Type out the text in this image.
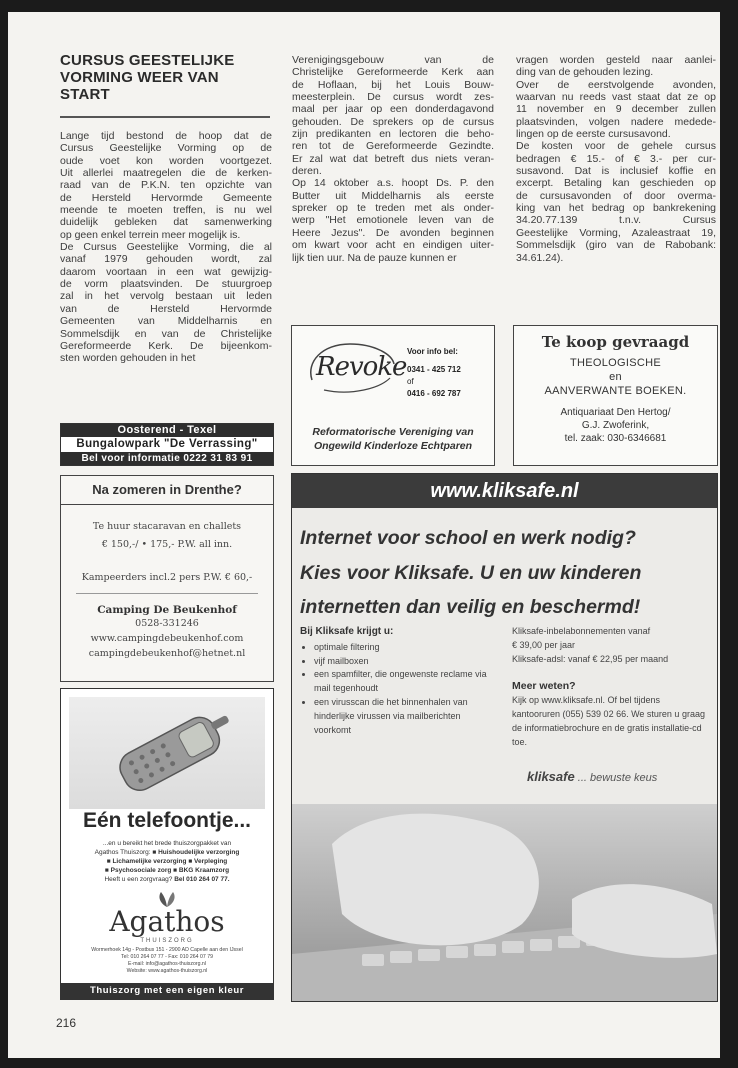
CURSUS GEESTELIJKE
VORMING WEER VAN
START
Lange tijd bestond de hoop dat de
Cursus Geestelijke Vorming op de
oude voet kon worden voortgezet.
Uit allerlei maatregelen die de kerken-
raad van de P.K.N. ten opzichte van
de Hersteld Hervormde Gemeente
meende te moeten treffen, is nu wel
duidelijk gebleken dat samenwerking
op geen enkel terrein meer mogelijk is.
De Cursus Geestelijke Vorming, die al
vanaf 1979 gehouden wordt, zal
daarom voortaan in een wat gewijzig-
de vorm plaatsvinden. De stuurgroep
zal in het vervolg bestaan uit leden
van de Hersteld Hervormde
Gemeenten van Middelharnis en
Sommelsdijk en van de Christelijke
Gereformeerde Kerk. De bijeenkom-
sten worden gehouden in het
Verenigingsgebouw van de
Christelijke Gereformeerde Kerk aan
de Hoflaan, bij het Louis Bouw-
meesterplein. De cursus wordt zes-
maal per jaar op een donderdagavond
gehouden. De sprekers op de cursus
zijn predikanten en lectoren die beho-
ren tot de Gereformeerde Gezindte.
Er zal wat dat betreft dus niets veran-
deren.
Op 14 oktober a.s. hoopt Ds. P. den
Butter uit Middelharnis als eerste
spreker op te treden met als onder-
werp "Het emotionele leven van de
Heere Jezus". De avonden beginnen
om kwart voor acht en eindigen uiter-
lijk tien uur. Na de pauze kunnen er
vragen worden gesteld naar aanlei-
ding van de gehouden lezing.
Over de eerstvolgende avonden,
waarvan nu reeds vast staat dat ze op
11 november en 9 december zullen
plaatsvinden, volgen nadere mededе-
lingen op de eerste cursusavond.
De kosten voor de gehele cursus
bedragen € 15.- of € 3.- per cur-
susavond. Dat is inclusief koffie en
excerpt. Betaling kan geschieden op
de cursusavonden of door overma-
king van het bedrag op bankrekening
34.20.77.139 t.n.v. Cursus
Geestelijke Vorming, Azaleastraat 19,
Sommelsdijk (giro van de Rabobank:
34.61.24).
Oosterend - Texel
Bungalowpark "De Verrassing"
Bel voor informatie 0222 31 83 91
Na zomeren in Drenthe?
Te huur stacaravan en challets
€ 150,-/ • 175,- P.W. all inn.
Kampeerders incl.2 pers P.W. € 60,-
Camping De Beukenhof
0528-331246
www.campingdebeukenhof.com
campingdebeukenhof@hetnet.nl
Eén telefoontje...
...en u bereikt het brede thuiszorgpakket van
Agathos Thuiszorg: ■ Huishoudelijke verzorging
■ Lichamelijke verzorging ■ Verpleging
■ Psychosociale zorg ■ BKG Kraamzorg
Heeft u een zorgvraag? Bel 010 264 07 77.
Agathos
THUISZORG
Wormerhoek 14g - Postbus 151 - 2900 AD Capelle aan den IJssel
Tel: 010 264 07 77 - Fax: 010 264 07 79
E-mail: info@agathos-thuiszorg.nl
Website: www.agathos-thuiszorg.nl
Thuiszorg met een eigen kleur
Revoke
Voor info bel:
0341 - 425 712
of
0416 - 692 787
Reformatorische Vereniging van
Ongewild Kinderloze Echtparen
Te koop gevraagd
THEOLOGISCHE
en
AANVERWANTE BOEKEN.
Antiquariaat Den Hertog/
G.J. Zwoferink,
tel. zaak: 030-6346681
www.kliksafe.nl
Internet voor school en werk nodig?
Kies voor Kliksafe. U en uw kinderen
internetten dan veilig en beschermd!
Bij Kliksafe krijgt u:
• optimale filtering
• vijf mailboxen
• een spamfilter, die ongewenste reclame via mail tegenhoudt
• een virusscan die het binnenhalen van hinderlijke virussen via mailberichten voorkomt

Kliksafe-inbelabonnementen vanaf

€ 39,00 per jaar

Kliksafe-adsl: vanaf € 22,95 per maand

Meer weten?

Kijk op www.kliksafe.nl. Of bel tijdens kantooruren (055) 539 02 66. We sturen u graag de informatiebrochure en de gratis installatie-cd toe.

kliksafe ... bewuste keus
216
